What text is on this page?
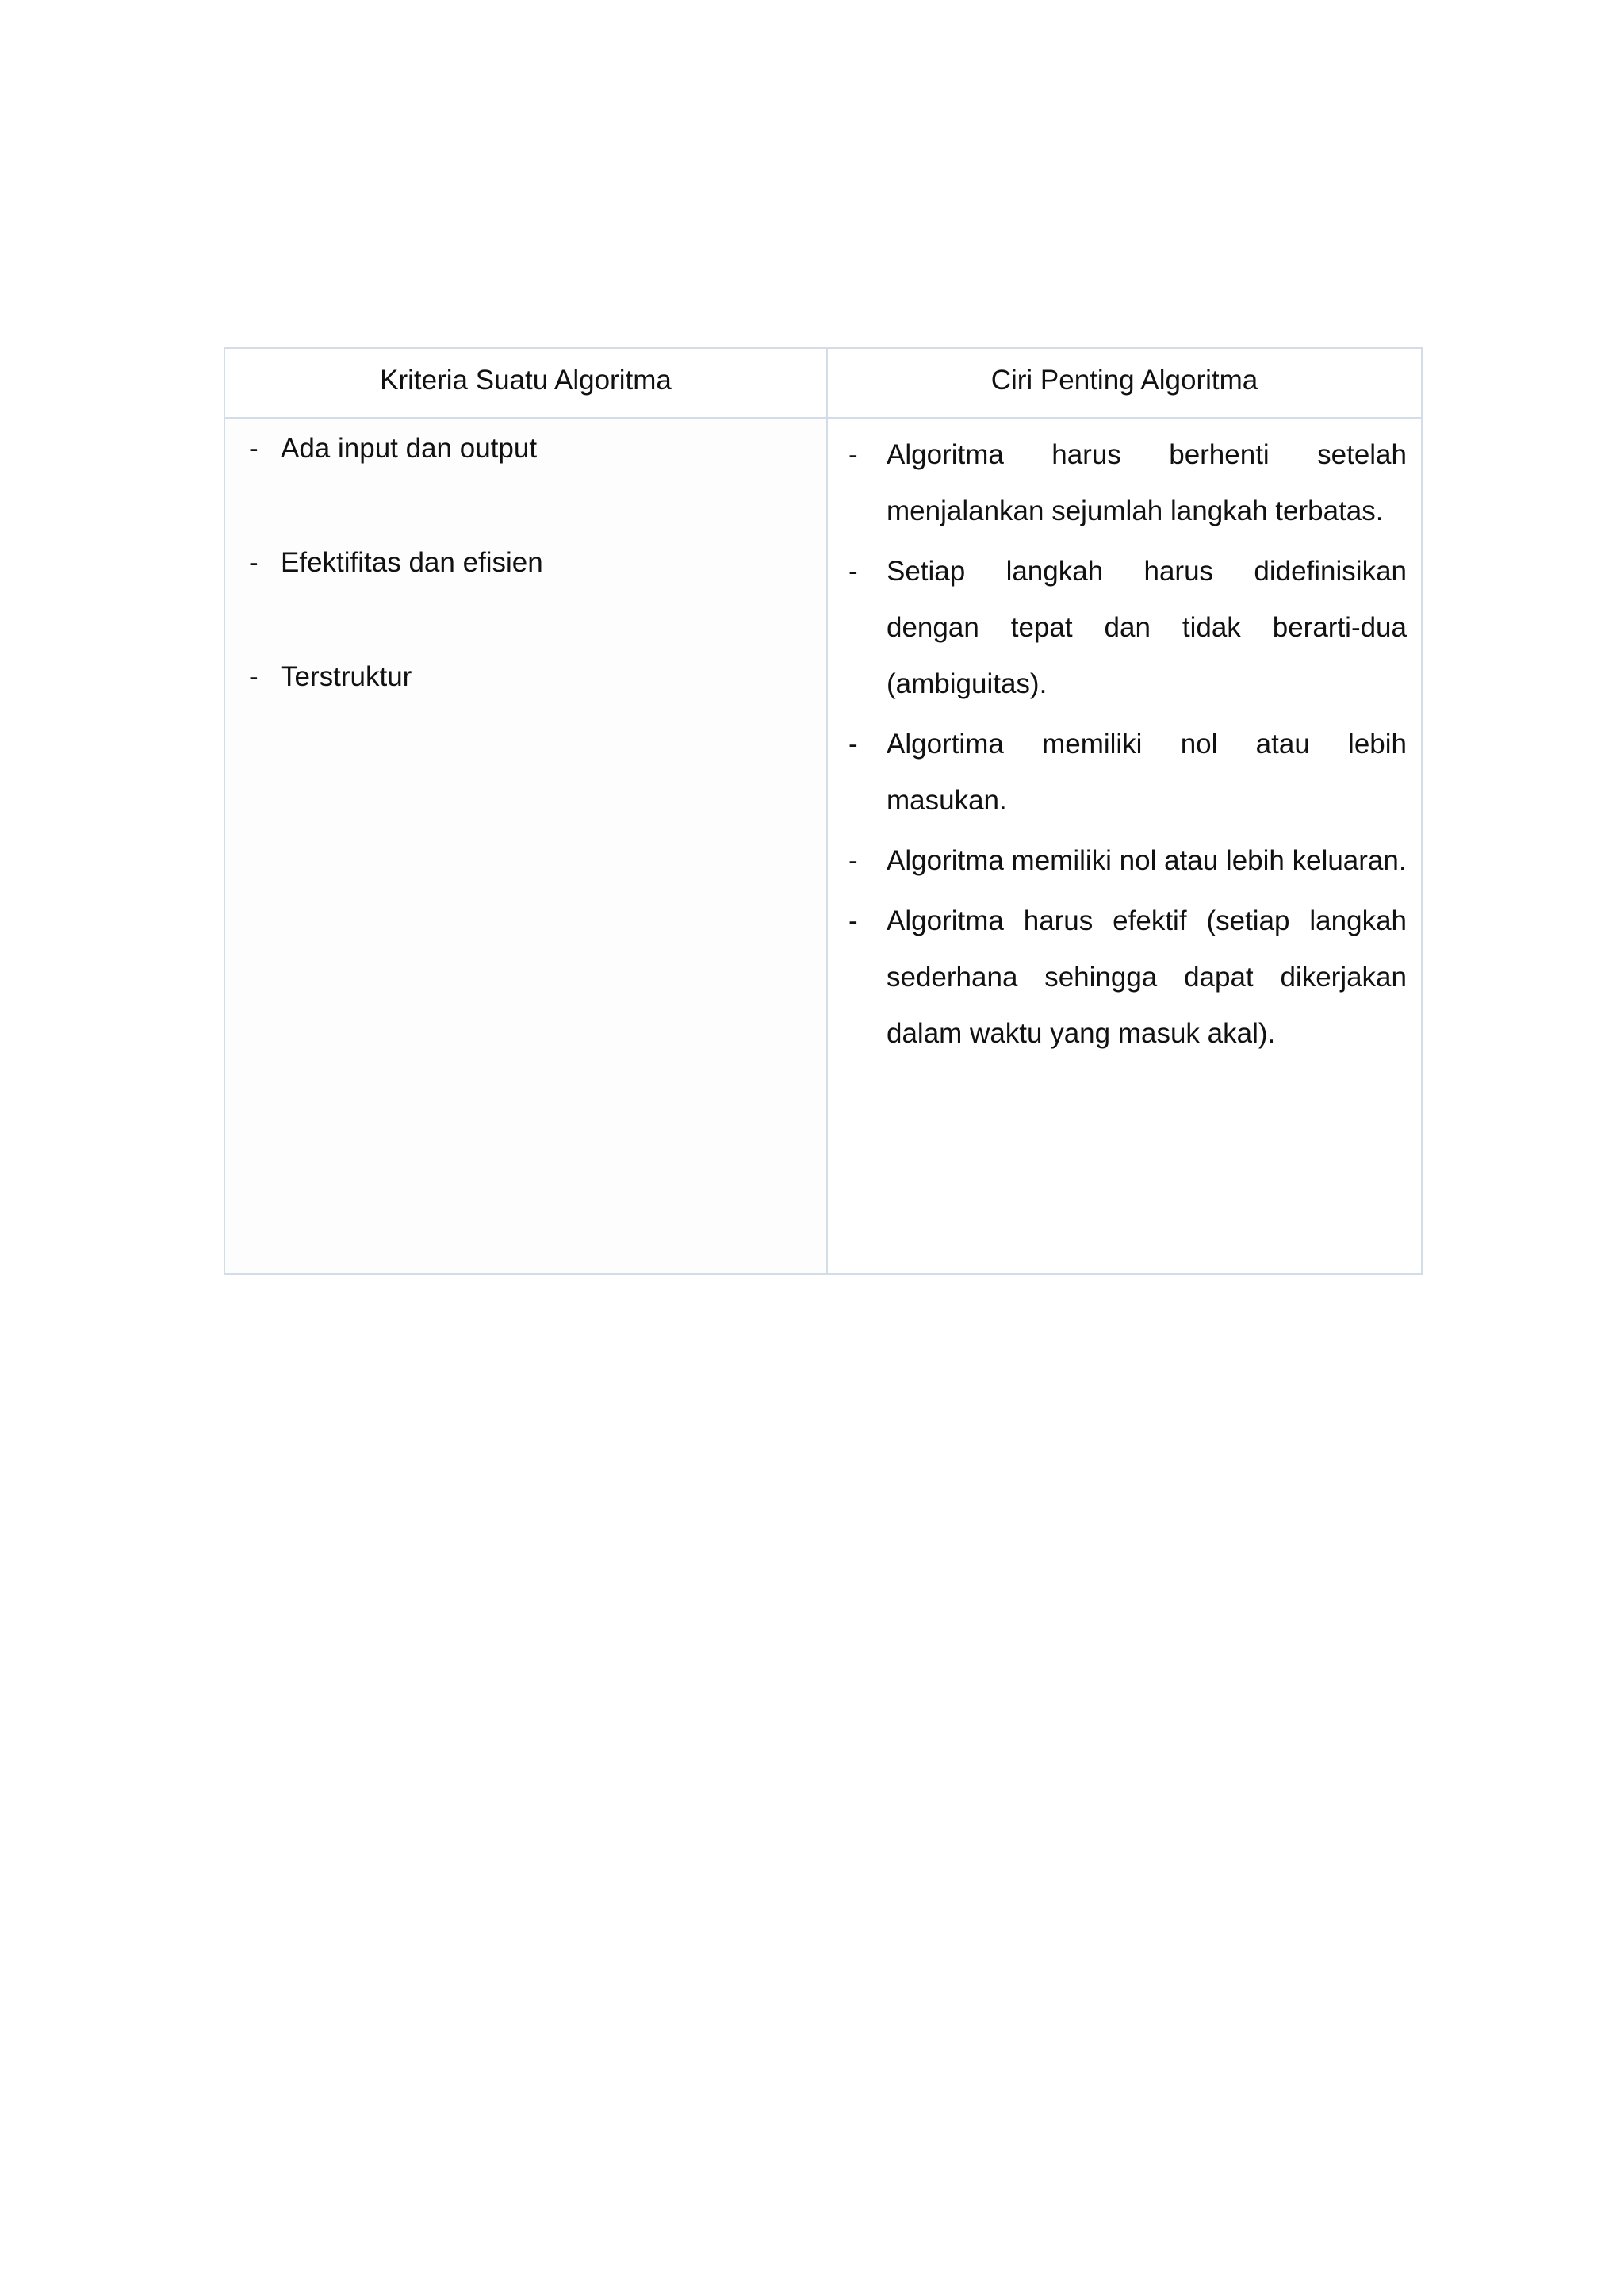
Kriteria Suatu Algoritma	Ciri Penting Algoritma
- Ada input dan output
- Efektifitas dan efisien
- Terstruktur
- Algoritma harus berhenti setelah menjalankan sejumlah langkah terbatas.
- Setiap langkah harus didefinisikan dengan tepat dan tidak berarti-dua (ambiguitas).
- Algortima memiliki nol atau lebih masukan.
- Algoritma memiliki nol atau lebih keluaran.
- Algoritma harus efektif (setiap langkah sederhana sehingga dapat dikerjakan dalam waktu yang masuk akal).
